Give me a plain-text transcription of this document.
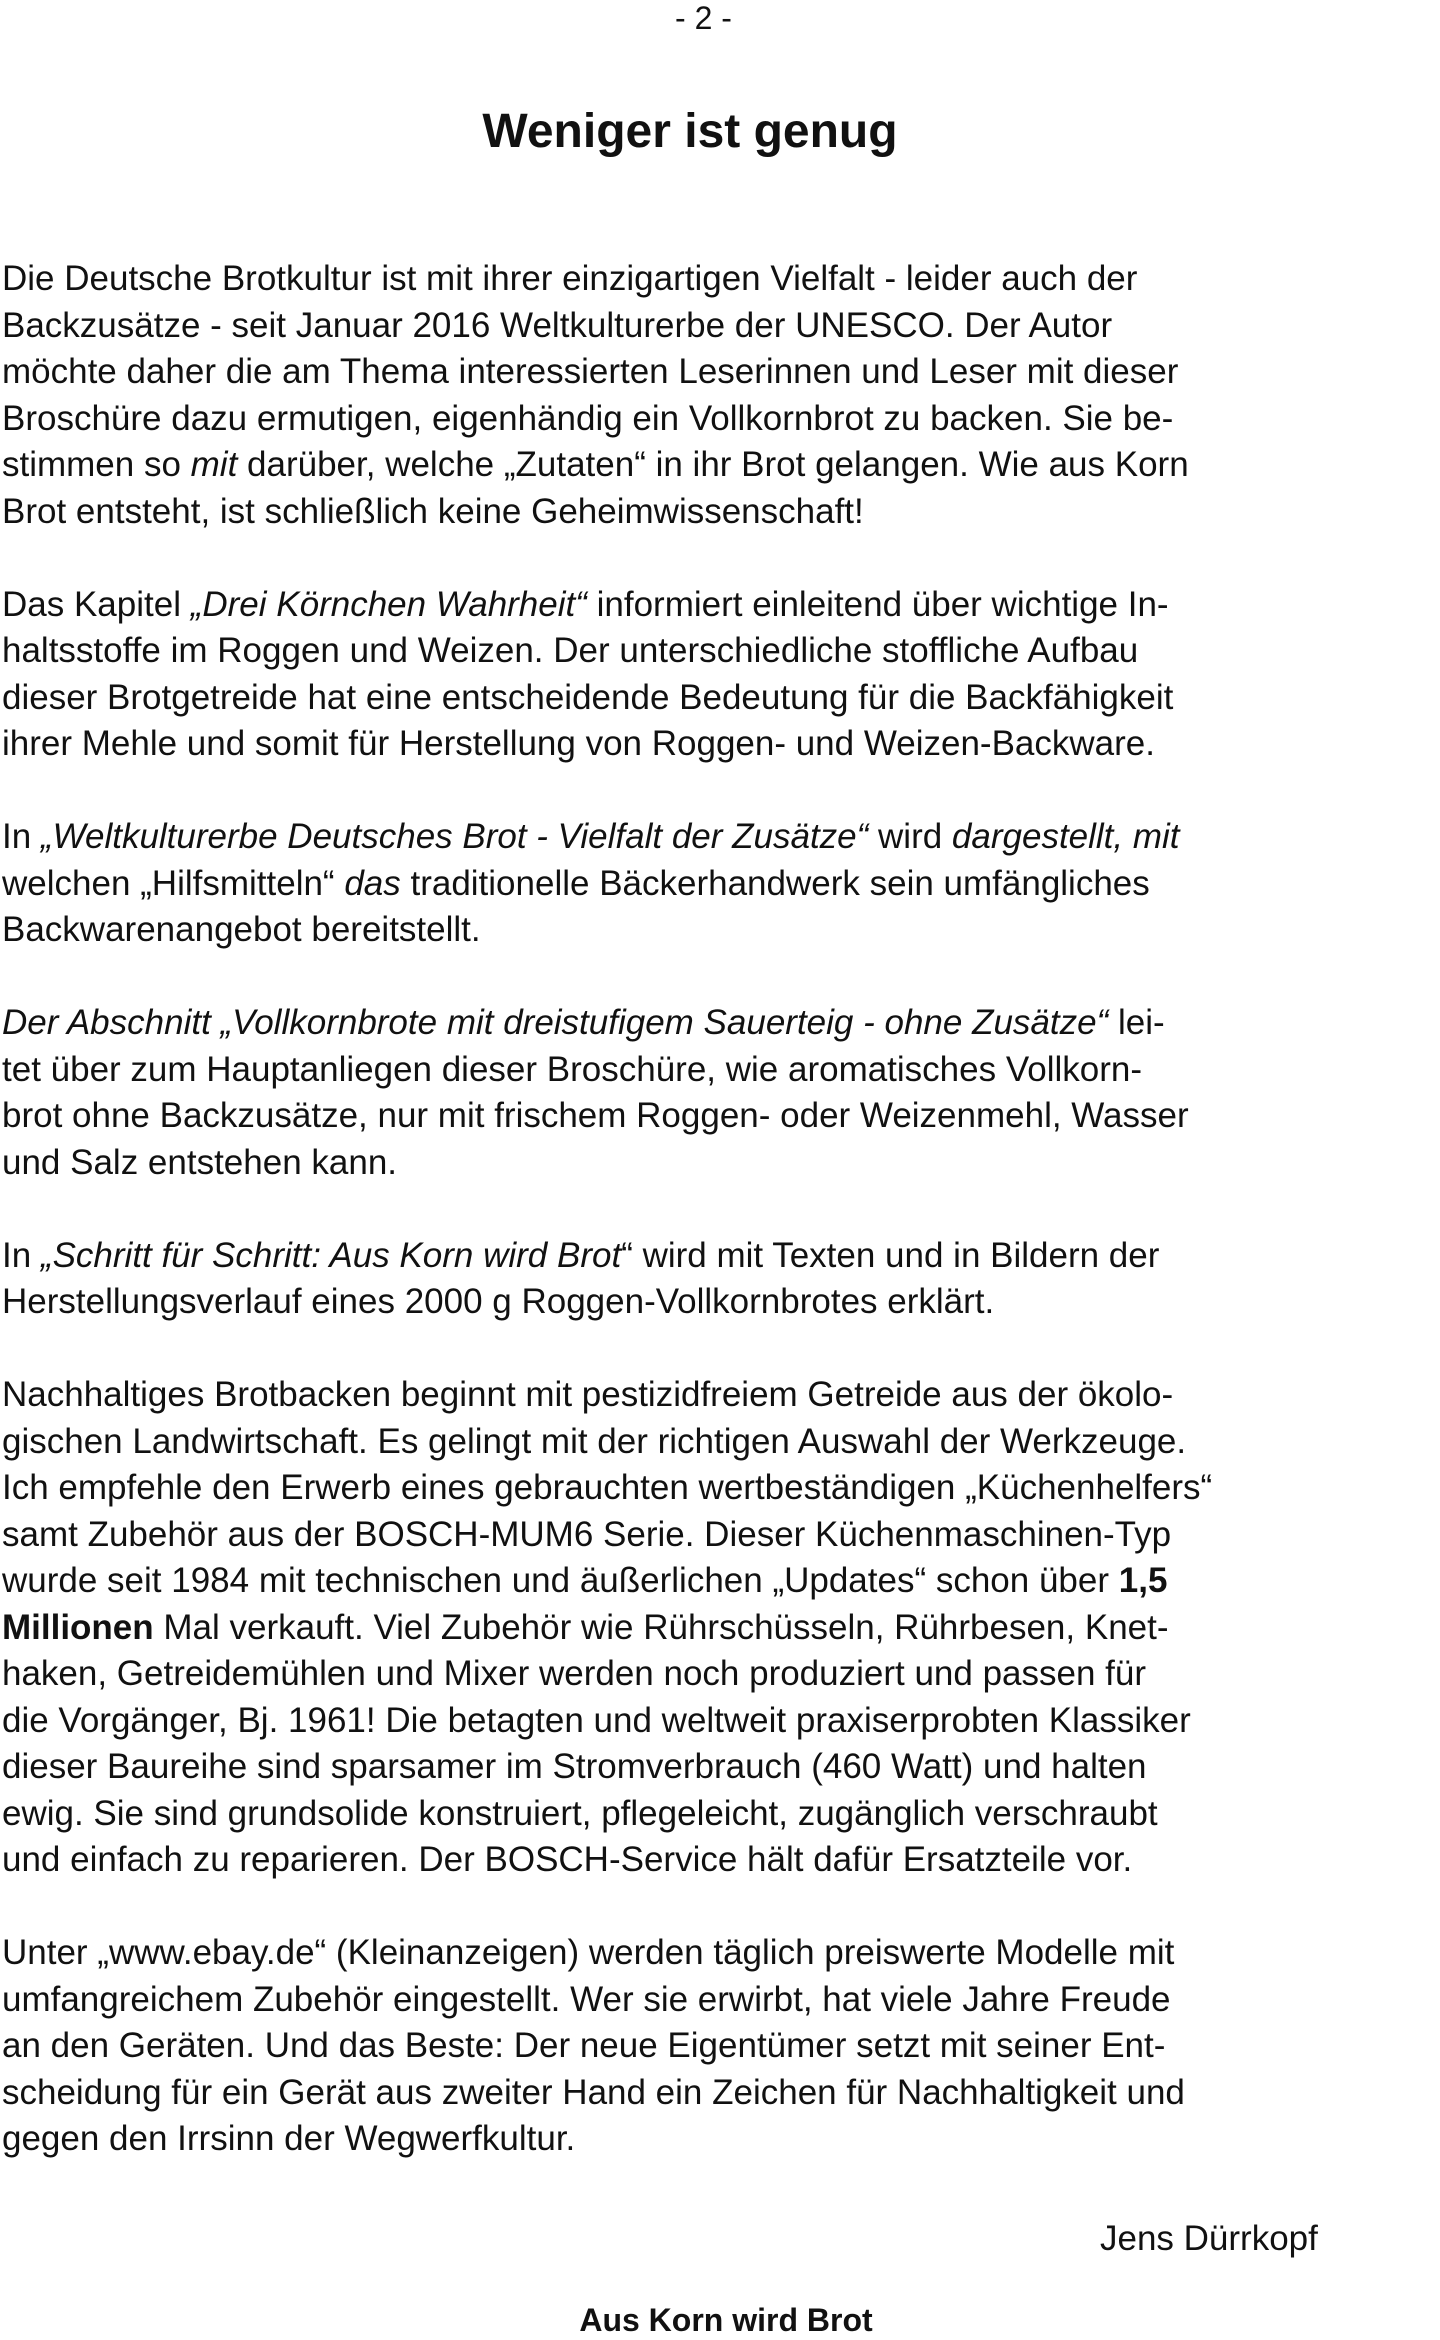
- 2 -
Weniger ist genug

Die Deutsche Brotkultur ist mit ihrer einzigartigen Vielfalt - leider auch der
Backzusätze - seit Januar 2016 Weltkulturerbe der UNESCO. Der Autor
möchte daher die am Thema interessierten Leserinnen und Leser mit dieser
Broschüre dazu ermutigen, eigenhändig ein Vollkornbrot zu backen. Sie be-
stimmen so mit darüber, welche „Zutaten“ in ihr Brot gelangen. Wie aus Korn
Brot entsteht, ist schließlich keine Geheimwissenschaft!

Das Kapitel „Drei Körnchen Wahrheit“ informiert einleitend über wichtige In-
haltsstoffe im Roggen und Weizen. Der unterschiedliche stoffliche Aufbau
dieser Brotgetreide hat eine entscheidende Bedeutung für die Backfähigkeit
ihrer Mehle und somit für Herstellung von Roggen- und Weizen-Backware.

In „Weltkulturerbe Deutsches Brot - Vielfalt der Zusätze“ wird dargestellt, mit
welchen „Hilfsmitteln“ das traditionelle Bäckerhandwerk sein umfängliches
Backwarenangebot bereitstellt.

Der Abschnitt „Vollkornbrote mit dreistufigem Sauerteig - ohne Zusätze“ lei-
tet über zum Hauptanliegen dieser Broschüre, wie aromatisches Vollkorn-
brot ohne Backzusätze, nur mit frischem Roggen- oder Weizenmehl, Wasser
und Salz entstehen kann.

In „Schritt für Schritt: Aus Korn wird Brot“ wird mit Texten und in Bildern der
Herstellungsverlauf eines 2000 g Roggen-Vollkornbrotes erklärt.

Nachhaltiges Brotbacken beginnt mit pestizidfreiem Getreide aus der ökolo-
gischen Landwirtschaft. Es gelingt mit der richtigen Auswahl der Werkzeuge.
Ich empfehle den Erwerb eines gebrauchten wertbeständigen „Küchenhelfers“
samt Zubehör aus der BOSCH-MUM6 Serie. Dieser Küchenmaschinen-Typ
wurde seit 1984 mit technischen und äußerlichen „Updates“ schon über 1,5
Millionen Mal verkauft. Viel Zubehör wie Rührschüsseln, Rührbesen, Knet-
haken, Getreidemühlen und Mixer werden noch produziert und passen für
die Vorgänger, Bj. 1961! Die betagten und weltweit praxiserprobten Klassiker
dieser Baureihe sind sparsamer im Stromverbrauch (460 Watt) und halten
ewig. Sie sind grundsolide konstruiert, pflegeleicht, zugänglich verschraubt
und einfach zu reparieren. Der BOSCH-Service hält dafür Ersatzteile vor.

Unter „www.ebay.de“ (Kleinanzeigen) werden täglich preiswerte Modelle mit
umfangreichem Zubehör eingestellt. Wer sie erwirbt, hat viele Jahre Freude
an den Geräten. Und das Beste: Der neue Eigentümer setzt mit seiner Ent-
scheidung für ein Gerät aus zweiter Hand ein Zeichen für Nachhaltigkeit und
gegen den Irrsinn der Wegwerfkultur.

Jens Dürrkopf
Aus Korn wird Brot
